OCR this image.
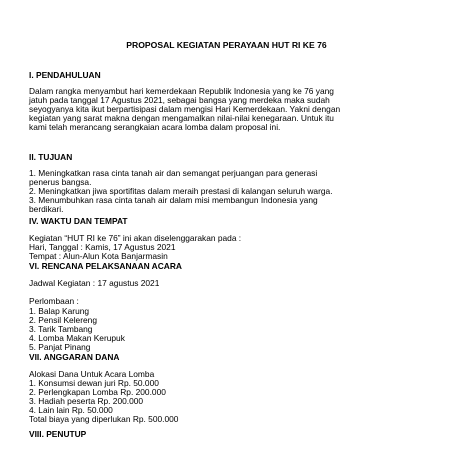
PROPOSAL KEGIATAN PERAYAAN HUT RI KE 76
I. PENDAHULUAN
Dalam rangka menyambut hari kemerdekaan Republik Indonesia yang ke 76 yang
jatuh pada tanggal 17 Agustus 2021, sebagai bangsa yang merdeka maka sudah
seyogyanya kita ikut berpartisipasi dalam mengisi Hari Kemerdekaan. Yakni dengan
kegiatan yang sarat makna dengan mengamalkan nilai-nilai kenegaraan. Untuk itu
kami telah merancang serangkaian acara lomba dalam proposal ini.
II. TUJUAN
1. Meningkatkan rasa cinta tanah air dan semangat perjuangan para generasi
penerus bangsa.
2. Meningkatkan jiwa sportifitas dalam meraih prestasi di kalangan seluruh warga.
3. Menumbuhkan rasa cinta tanah air dalam misi membangun Indonesia yang
berdikari.
IV. WAKTU DAN TEMPAT
Kegiatan “HUT RI ke 76” ini akan diselenggarakan pada :
Hari, Tanggal : Kamis, 17 Agustus 2021
Tempat : Alun-Alun Kota Banjarmasin
VI. RENCANA PELAKSANAAN ACARA
Jadwal Kegiatan : 17 agustus 2021
Perlombaan :
1. Balap Karung
2. Pensil Kelereng
3. Tarik Tambang
4. Lomba Makan Kerupuk
5. Panjat Pinang
VII. ANGGARAN DANA
Alokasi Dana Untuk Acara Lomba
1. Konsumsi dewan juri Rp. 50.000
2. Perlengkapan Lomba Rp. 200.000
3. Hadiah peserta Rp. 200.000
4. Lain lain Rp. 50.000
Total biaya yang diperlukan Rp. 500.000
VIII. PENUTUP
